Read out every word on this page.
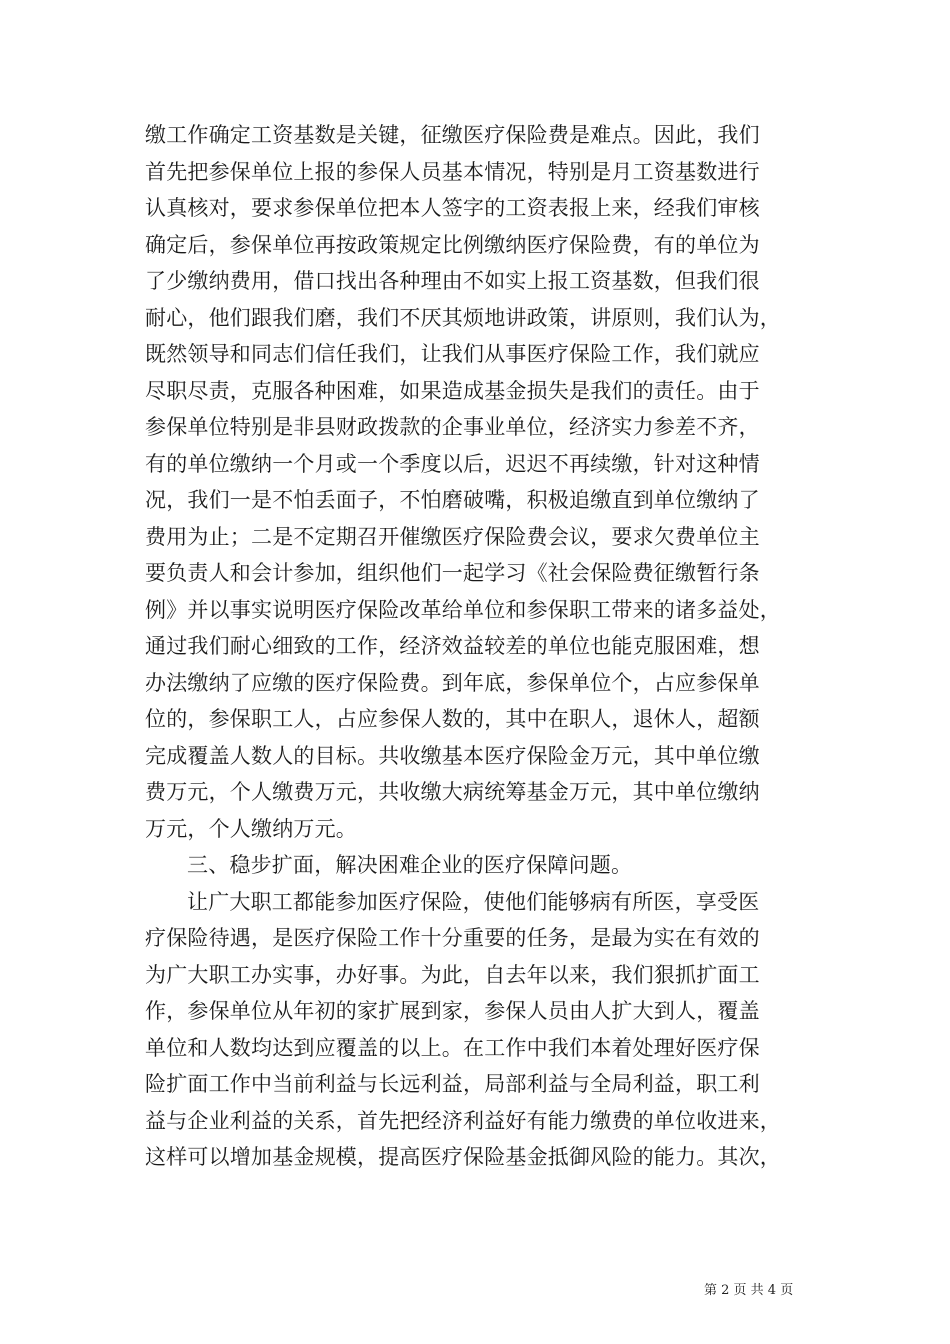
缴工作确定工资基数是关键，征缴医疗保险费是难点。因此，我们
首先把参保单位上报的参保人员基本情况，特别是月工资基数进行
认真核对，要求参保单位把本人签字的工资表报上来，经我们审核
确定后，参保单位再按政策规定比例缴纳医疗保险费，有的单位为
了少缴纳费用，借口找出各种理由不如实上报工资基数，但我们很
耐心，他们跟我们磨，我们不厌其烦地讲政策，讲原则，我们认为，
既然领导和同志们信任我们，让我们从事医疗保险工作，我们就应
尽职尽责，克服各种困难，如果造成基金损失是我们的责任。由于
参保单位特别是非县财政拨款的企事业单位，经济实力参差不齐，
有的单位缴纳一个月或一个季度以后，迟迟不再续缴，针对这种情
况，我们一是不怕丢面子，不怕磨破嘴，积极追缴直到单位缴纳了
费用为止；二是不定期召开催缴医疗保险费会议，要求欠费单位主
要负责人和会计参加，组织他们一起学习《社会保险费征缴暂行条
例》并以事实说明医疗保险改革给单位和参保职工带来的诸多益处，
通过我们耐心细致的工作，经济效益较差的单位也能克服困难，想
办法缴纳了应缴的医疗保险费。到年底，参保单位个，占应参保单
位的，参保职工人，占应参保人数的，其中在职人，退休人，超额
完成覆盖人数人的目标。共收缴基本医疗保险金万元，其中单位缴
费万元，个人缴费万元，共收缴大病统筹基金万元，其中单位缴纳
万元，个人缴纳万元。
三、稳步扩面，解决困难企业的医疗保障问题。
让广大职工都能参加医疗保险，使他们能够病有所医，享受医
疗保险待遇，是医疗保险工作十分重要的任务，是最为实在有效的
为广大职工办实事，办好事。为此，自去年以来，我们狠抓扩面工
作，参保单位从年初的家扩展到家，参保人员由人扩大到人，覆盖
单位和人数均达到应覆盖的以上。在工作中我们本着处理好医疗保
险扩面工作中当前利益与长远利益，局部利益与全局利益，职工利
益与企业利益的关系，首先把经济利益好有能力缴费的单位收进来，
这样可以增加基金规模，提高医疗保险基金抵御风险的能力。其次，
第 2 页 共 4 页
